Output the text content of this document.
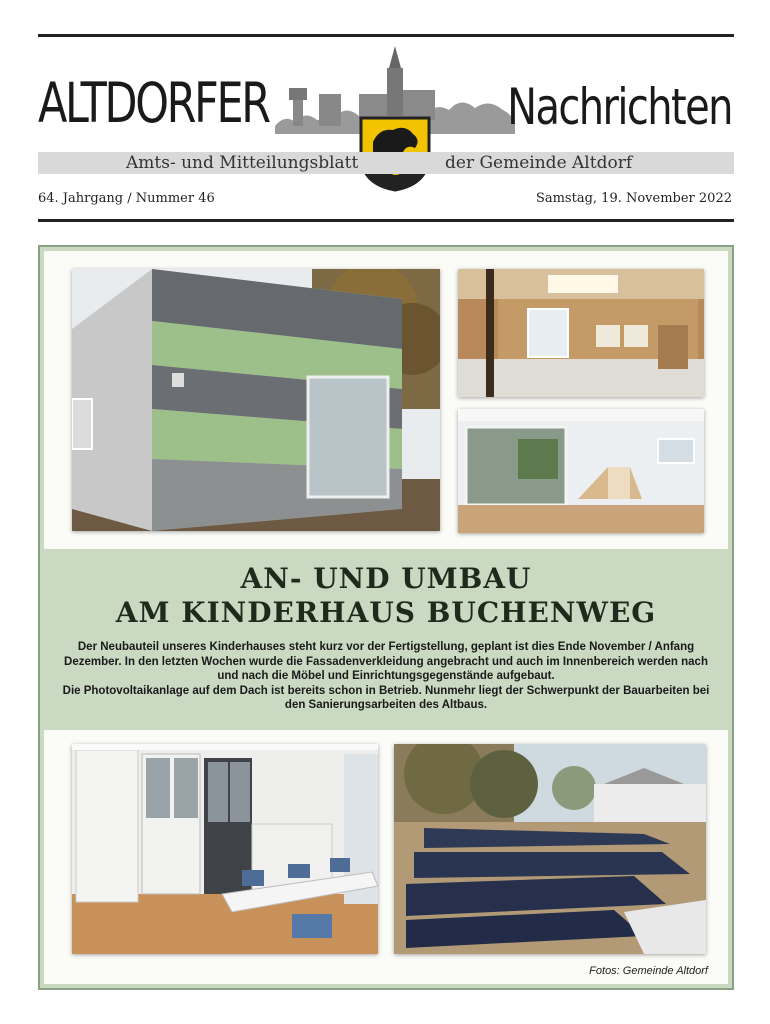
ALTDORFER	Nachrichten
Amts- und Mitteilungsblatt	der Gemeinde Altdorf
64. Jahrgang / Nummer 46	Samstag, 19. November 2022
AN- UND UMBAU
AM KINDERHAUS BUCHENWEG

Der Neubauteil unseres Kinderhauses steht kurz vor der Fertigstellung, geplant ist dies Ende November / Anfang Dezember. In den letzten Wochen wurde die Fassadenverkleidung angebracht und auch im Innenbereich werden nach und nach die Möbel und Einrichtungsgegenstände aufgebaut.

Die Photovoltaikanlage auf dem Dach ist bereits schon in Betrieb. Nunmehr liegt der Schwerpunkt der Bauarbeiten bei den Sanierungsarbeiten des Altbaus.

Fotos: Gemeinde Altdorf
